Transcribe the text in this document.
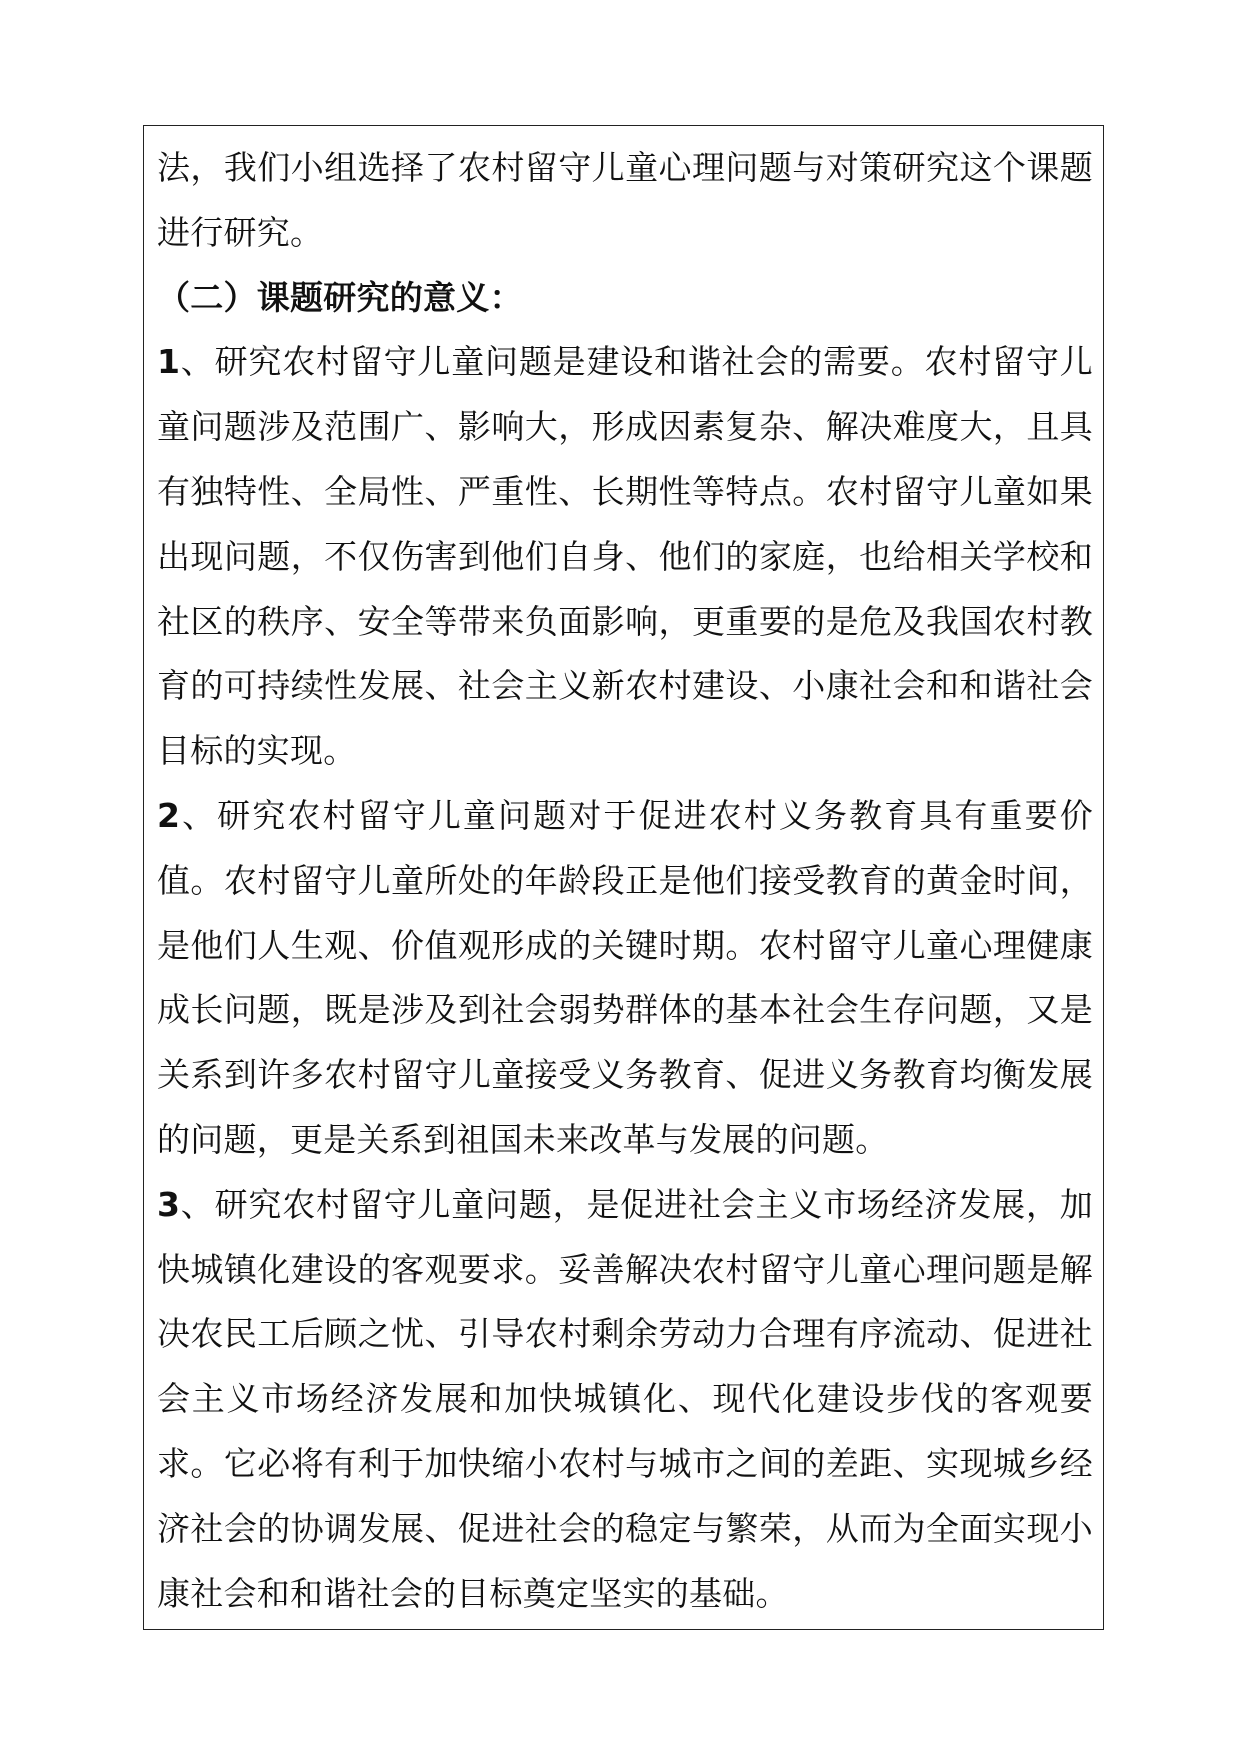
法，我们小组选择了农村留守儿童心理问题与对策研究这个课题进行研究。

（二）课题研究的意义：

1、研究农村留守儿童问题是建设和谐社会的需要。农村留守儿童问题涉及范围广、影响大，形成因素复杂、解决难度大，且具有独特性、全局性、严重性、长期性等特点。农村留守儿童如果出现问题，不仅伤害到他们自身、他们的家庭，也给相关学校和社区的秩序、安全等带来负面影响，更重要的是危及我国农村教育的可持续性发展、社会主义新农村建设、小康社会和和谐社会目标的实现。

2、研究农村留守儿童问题对于促进农村义务教育具有重要价值。农村留守儿童所处的年龄段正是他们接受教育的黄金时间，是他们人生观、价值观形成的关键时期。农村留守儿童心理健康成长问题，既是涉及到社会弱势群体的基本社会生存问题，又是关系到许多农村留守儿童接受义务教育、促进义务教育均衡发展的问题，更是关系到祖国未来改革与发展的问题。

3、研究农村留守儿童问题，是促进社会主义市场经济发展，加快城镇化建设的客观要求。妥善解决农村留守儿童心理问题是解决农民工后顾之忧、引导农村剩余劳动力合理有序流动、促进社会主义市场经济发展和加快城镇化、现代化建设步伐的客观要求。它必将有利于加快缩小农村与城市之间的差距、实现城乡经济社会的协调发展、促进社会的稳定与繁荣，从而为全面实现小康社会和和谐社会的目标奠定坚实的基础。
